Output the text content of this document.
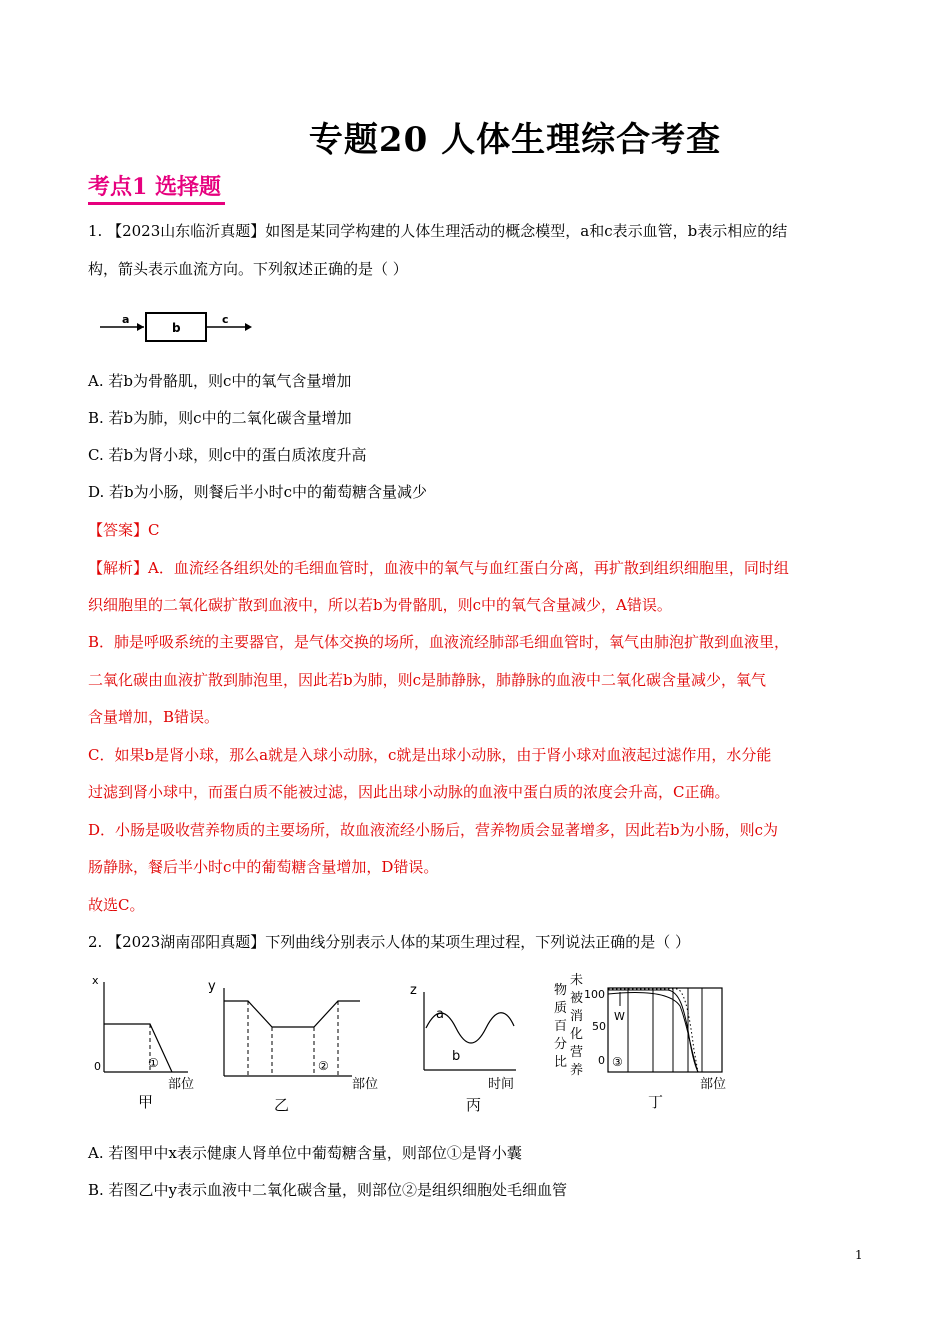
专题20 人体生理综合考查
考点1 选择题
1. 【2023山东临沂真题】如图是某同学构建的人体生理活动的概念模型，a和c表示血管，b表示相应的结
构，箭头表示血流方向。下列叙述正确的是（ ）
a
b
c
A. 若b为骨骼肌，则c中的氧气含量增加
B. 若b为肺，则c中的二氧化碳含量增加
C. 若b为肾小球，则c中的蛋白质浓度升高
D. 若b为小肠，则餐后半小时c中的葡萄糖含量减少
【答案】C
【解析】A．血流经各组织处的毛细血管时，血液中的氧气与血红蛋白分离，再扩散到组织细胞里，同时组
织细胞里的二氧化碳扩散到血液中，所以若b为骨骼肌，则c中的氧气含量减少，A错误。
B．肺是呼吸系统的主要器官，是气体交换的场所，血液流经肺部毛细血管时，氧气由肺泡扩散到血液里，
二氧化碳由血液扩散到肺泡里，因此若b为肺，则c是肺静脉，肺静脉的血液中二氧化碳含量减少，氧气
含量增加，B错误。
C．如果b是肾小球，那么a就是入球小动脉，c就是出球小动脉，由于肾小球对血液起过滤作用，水分能
过滤到肾小球中，而蛋白质不能被过滤，因此出球小动脉的血液中蛋白质的浓度会升高，C正确。
D．小肠是吸收营养物质的主要场所，故血液流经小肠后，营养物质会显著增多，因此若b为小肠，则c为
肠静脉，餐后半小时c中的葡萄糖含量增加，D错误。
故选C。
2. 【2023湖南邵阳真题】下列曲线分别表示人体的某项生理过程，下列说法正确的是（ ）
x
0	①
部位
甲
y
②
部位
乙
z
a
b
时间
丙
物
质
百
分
比
未
被
消
化
营
养
100
50
0
W
③
部位
丁
A. 若图甲中x表示健康人肾单位中葡萄糖含量，则部位①是肾小囊
B. 若图乙中y表示血液中二氧化碳含量，则部位②是组织细胞处毛细血管
1
